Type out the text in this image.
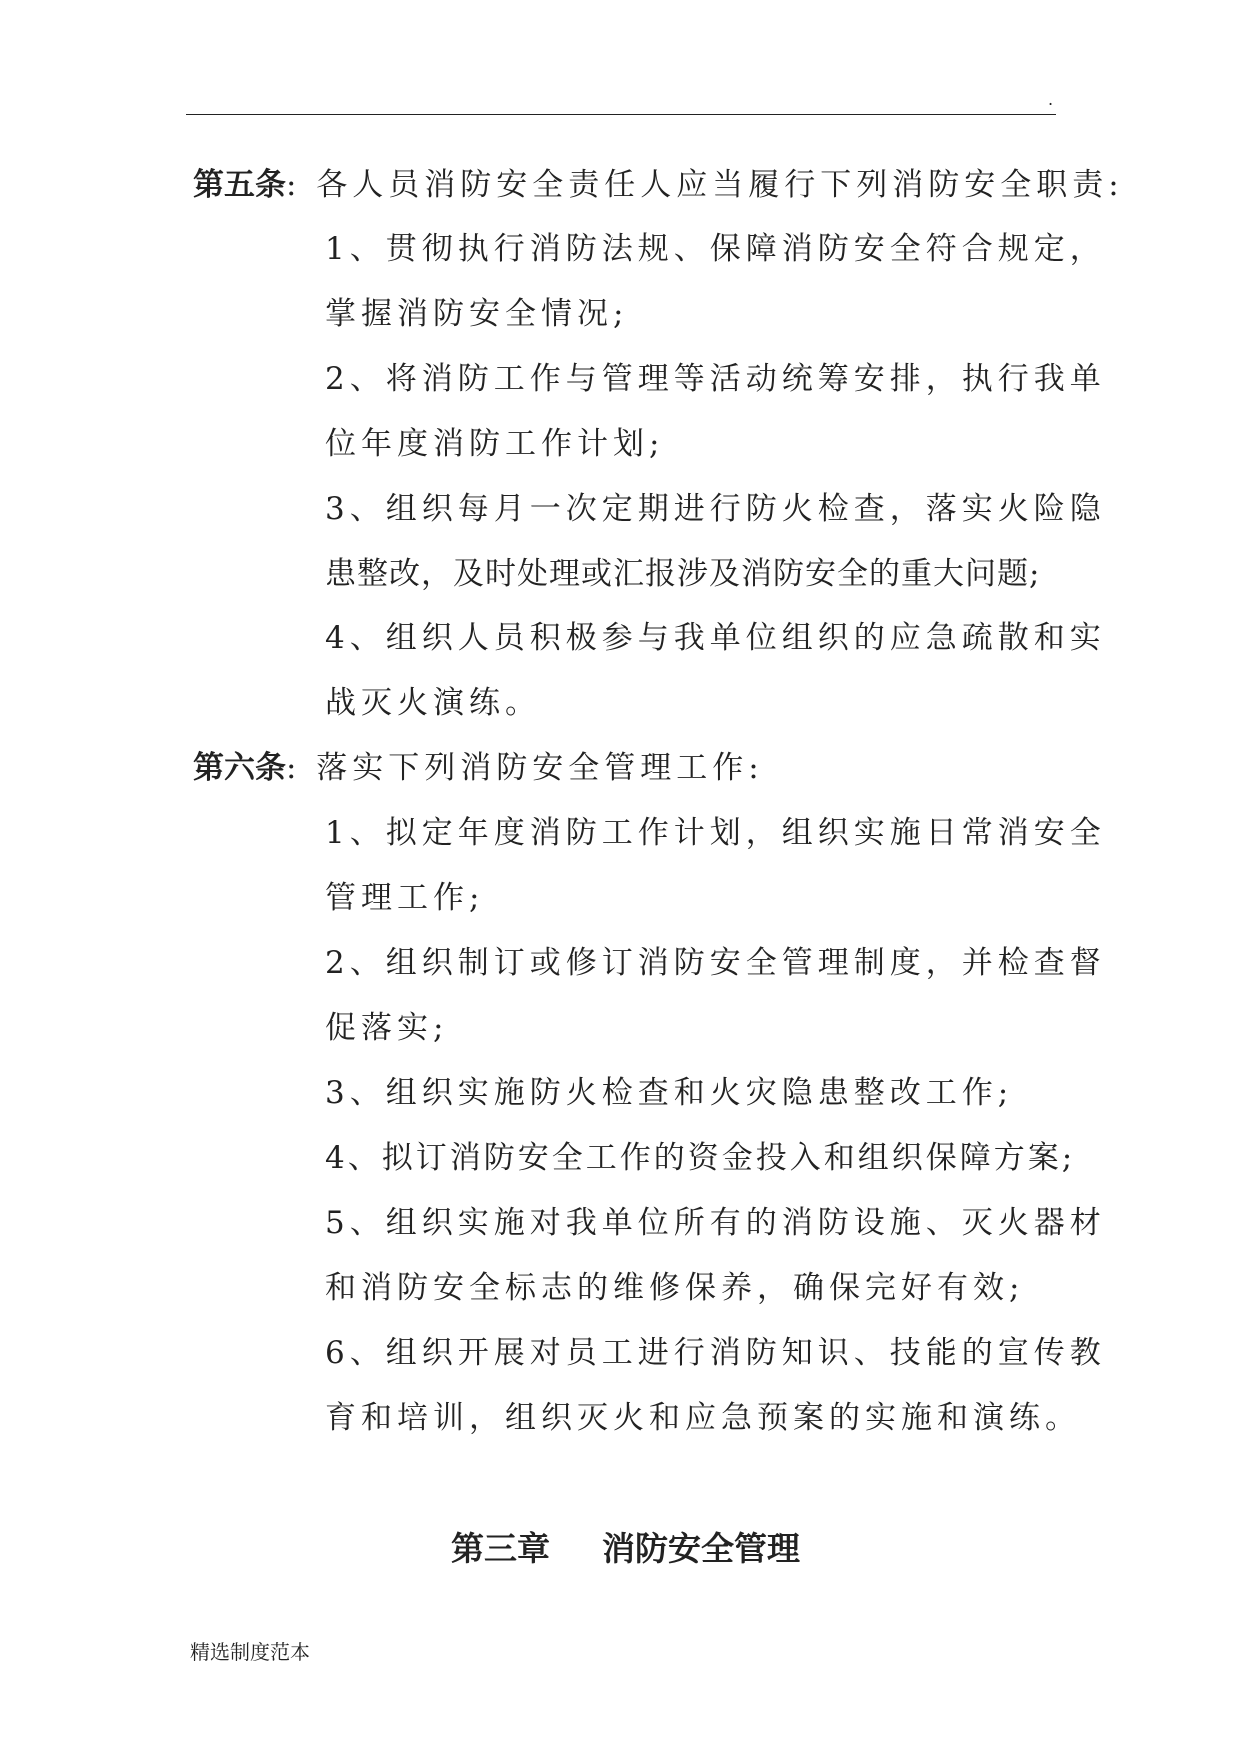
.
第五条: 各人员消防安全责任人应当履行下列消防安全职责:
1、贯彻执行消防法规、保障消防安全符合规定，
掌握消防安全情况;
2、将消防工作与管理等活动统筹安排，执行我单
位年度消防工作计划;
3、组织每月一次定期进行防火检查，落实火险隐
患整改，及时处理或汇报涉及消防安全的重大问题;
4、组织人员积极参与我单位组织的应急疏散和实
战灭火演练。
第六条: 落实下列消防安全管理工作:
1、拟定年度消防工作计划，组织实施日常消安全
管理工作;
2、组织制订或修订消防安全管理制度，并检查督
促落实;
3、组织实施防火检查和火灾隐患整改工作;
4、拟订消防安全工作的资金投入和组织保障方案;
5、组织实施对我单位所有的消防设施、灭火器材
和消防安全标志的维修保养，确保完好有效;
6、组织开展对员工进行消防知识、技能的宣传教
育和培训，组织灭火和应急预案的实施和演练。
第三章 消防安全管理
精选制度范本
